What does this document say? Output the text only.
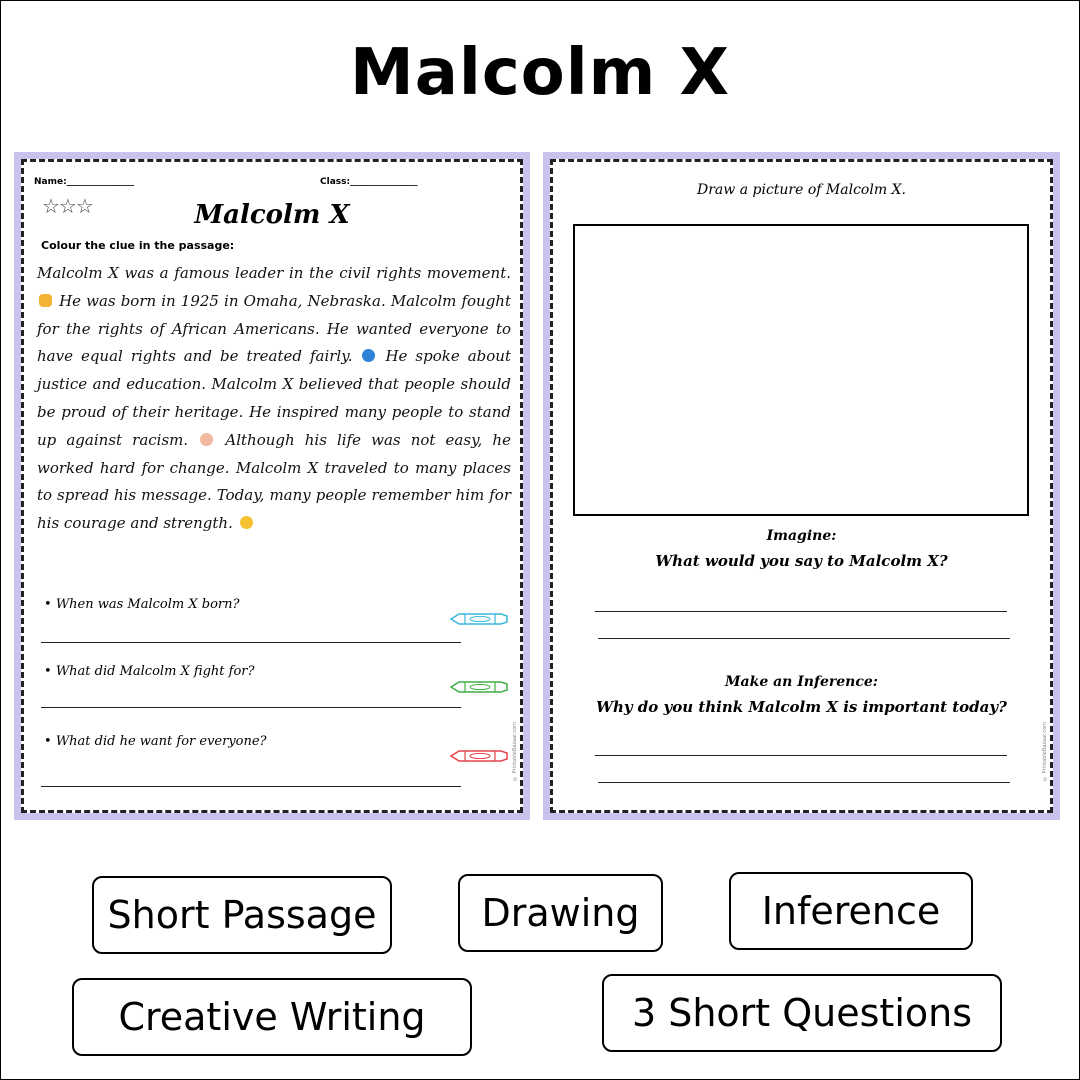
Malcolm X
Name:_______________	Class:_______________
☆☆☆	Malcolm X
Colour the clue in the passage:
Malcolm X was a famous leader in the civil rights movement.  He was born in 1925 in Omaha, Nebraska. Malcolm fought for the rights of African Americans. He wanted everyone to have equal rights and be treated fairly. He spoke about justice and education. Malcolm X believed that people should be proud of their heritage. He inspired many people to stand up against racism. Although his life was not easy, he worked hard for change. Malcolm X traveled to many places to spread his message. Today, many people remember him for his courage and strength.
• When was Malcolm X born?
• What did Malcolm X fight for?
• What did he want for everyone?	© PrintableBazaar.com
Draw a picture of Malcolm X.
Imagine:
What would you say to Malcolm X?
Make an Inference:
Why do you think Malcolm X is important today?
© PrintableBazaar.com
Short Passage	Drawing	Inference
Creative Writing	3 Short Questions
